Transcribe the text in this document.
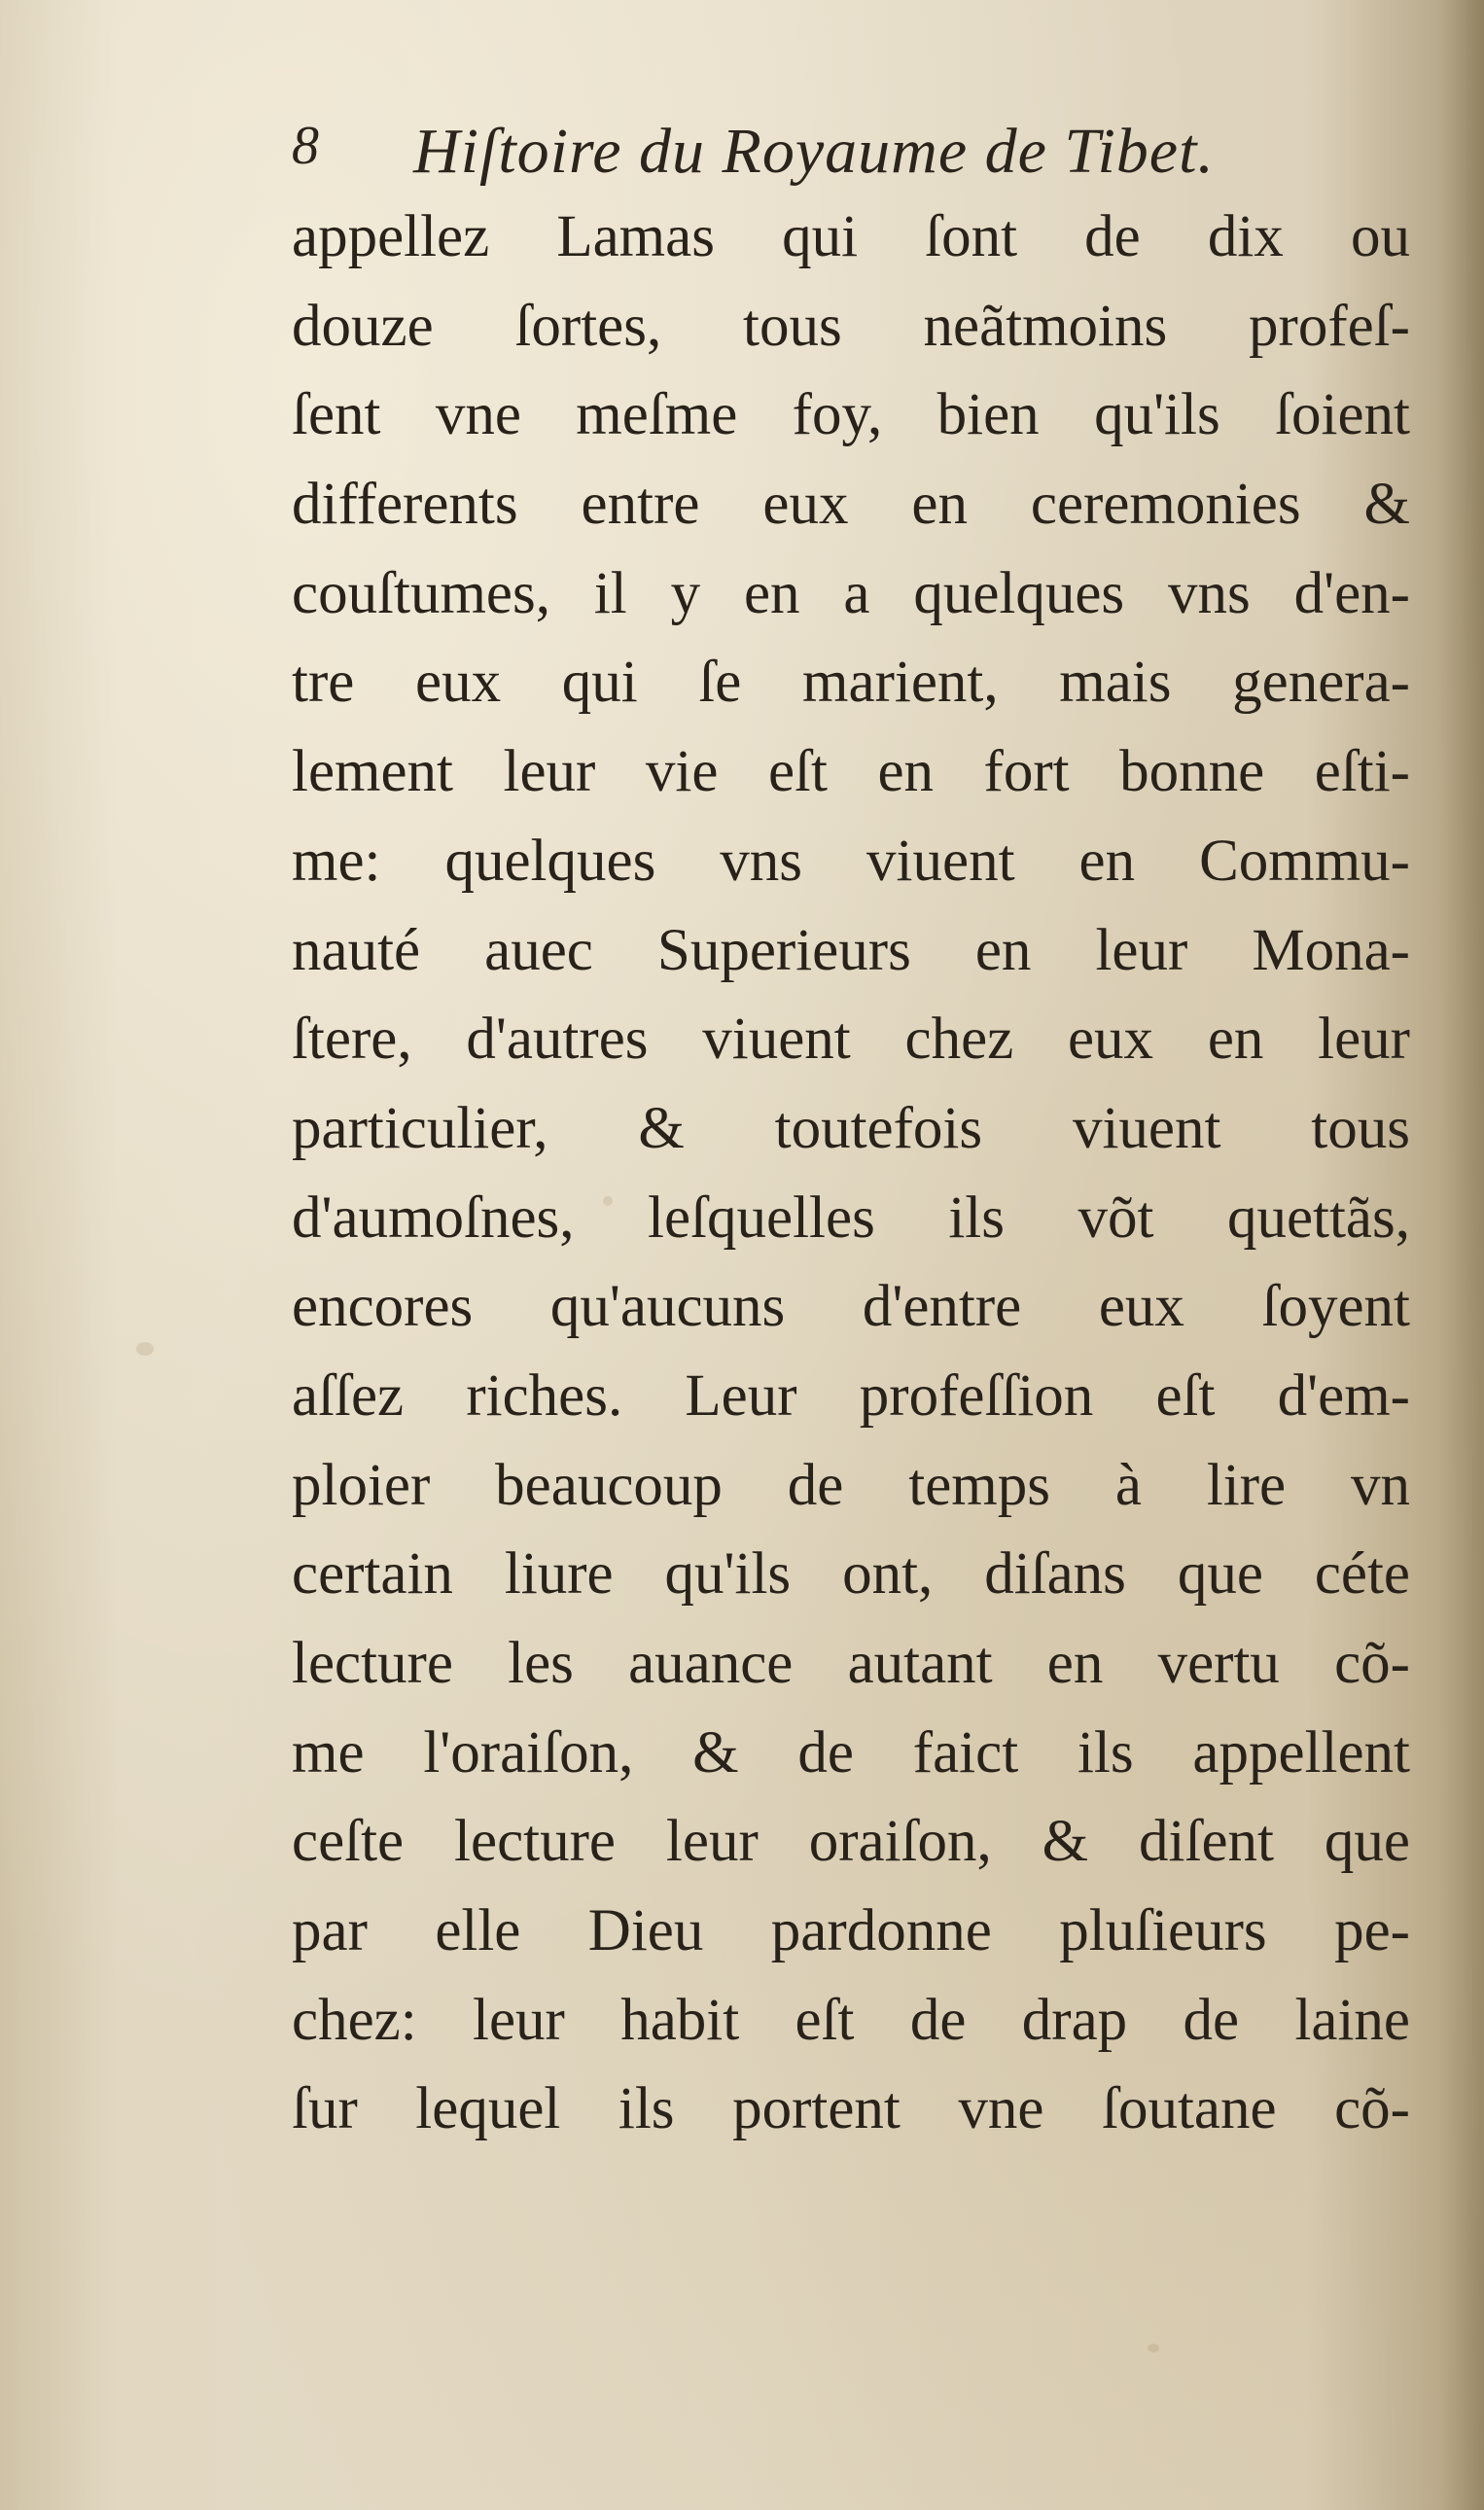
8 Hiſtoire du Royaume de Tibet.
appellez Lamas qui ſont de dix ou
douze ſortes, tous neãtmoins profeſ-
ſent vne meſme foy, bien qu'ils ſoient
differents entre eux en ceremonies &
couſtumes, il y en a quelques vns d'en-
tre eux qui ſe marient, mais genera-
lement leur vie eſt en fort bonne eſti-
me: quelques vns viuent en Commu-
nauté auec Superieurs en leur Mona-
ſtere, d'autres viuent chez eux en leur
particulier, & toutefois viuent tous
d'aumoſnes, leſquelles ils võt quettãs,
encores qu'aucuns d'entre eux ſoyent
aſſez riches. Leur profeſſion eſt d'em-
ploier beaucoup de temps à lire vn
certain liure qu'ils ont, diſans que céte
lecture les auance autant en vertu cõ-
me l'oraiſon, & de faict ils appellent
ceſte lecture leur oraiſon, & diſent que
par elle Dieu pardonne pluſieurs pe-
chez: leur habit eſt de drap de laine
ſur lequel ils portent vne ſoutane cõ-
